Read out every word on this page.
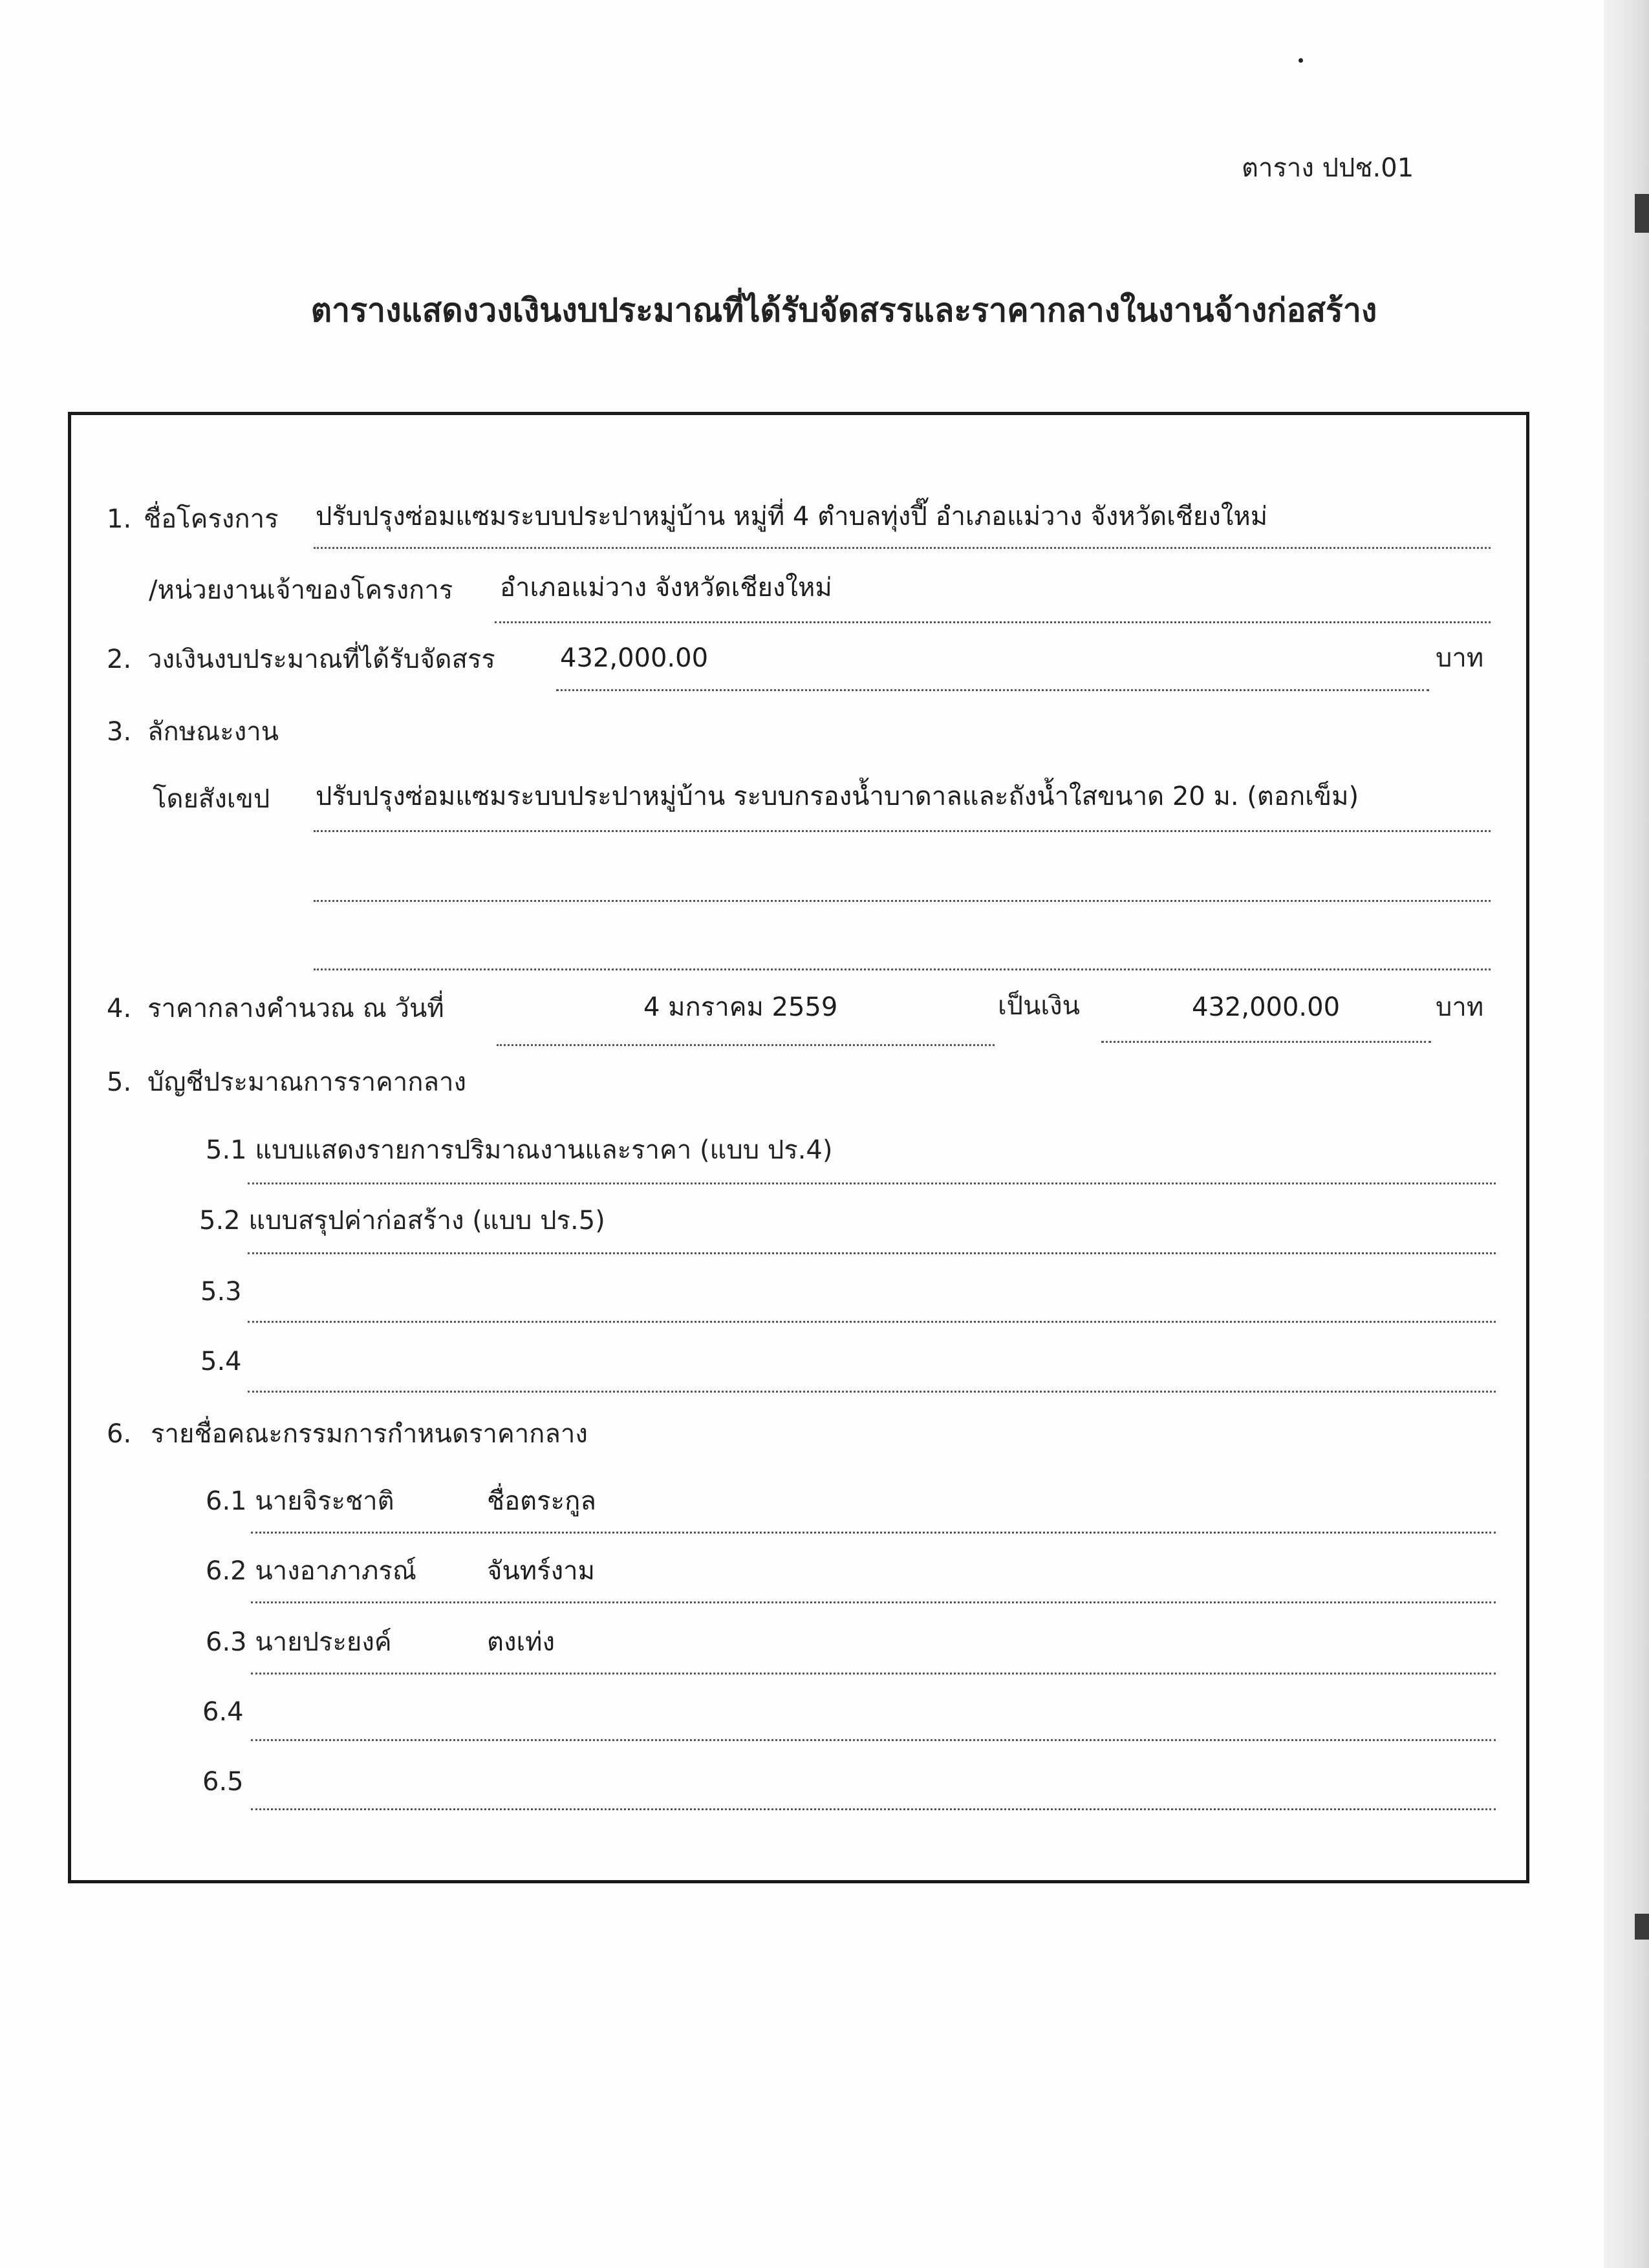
ตาราง ปปช.01
ตารางแสดงวงเงินงบประมาณที่ได้รับจัดสรรและราคากลางในงานจ้างก่อสร้าง
1. ชื่อโครงการ ปรับปรุงซ่อมแซมระบบประปาหมู่บ้าน หมู่ที่ 4 ตำบลทุ่งปี๊ อำเภอแม่วาง จังหวัดเชียงใหม่
/หน่วยงานเจ้าของโครงการ อำเภอแม่วาง จังหวัดเชียงใหม่
2. วงเงินงบประมาณที่ได้รับจัดสรร	432,000.00	บาท
3. ลักษณะงาน
โดยสังเขป ปรับปรุงซ่อมแซมระบบประปาหมู่บ้าน ระบบกรองน้ำบาดาลและถังน้ำใสขนาด 20 ม. (ตอกเข็ม)
4. ราคากลางคำนวณ ณ วันที่	4 มกราคม 2559	เป็นเงิน	432,000.00	บาท
5. บัญชีประมาณการราคากลาง
5.1 แบบแสดงรายการปริมาณงานและราคา (แบบ ปร.4)
5.2 แบบสรุปค่าก่อสร้าง (แบบ ปร.5)
5.3
5.4
6. รายชื่อคณะกรรมการกำหนดราคากลาง
6.1 นายจิระชาติ	ชื่อตระกูล
6.2 นางอาภาภรณ์	จันทร์งาม
6.3 นายประยงค์	ตงเท่ง
6.4
6.5
